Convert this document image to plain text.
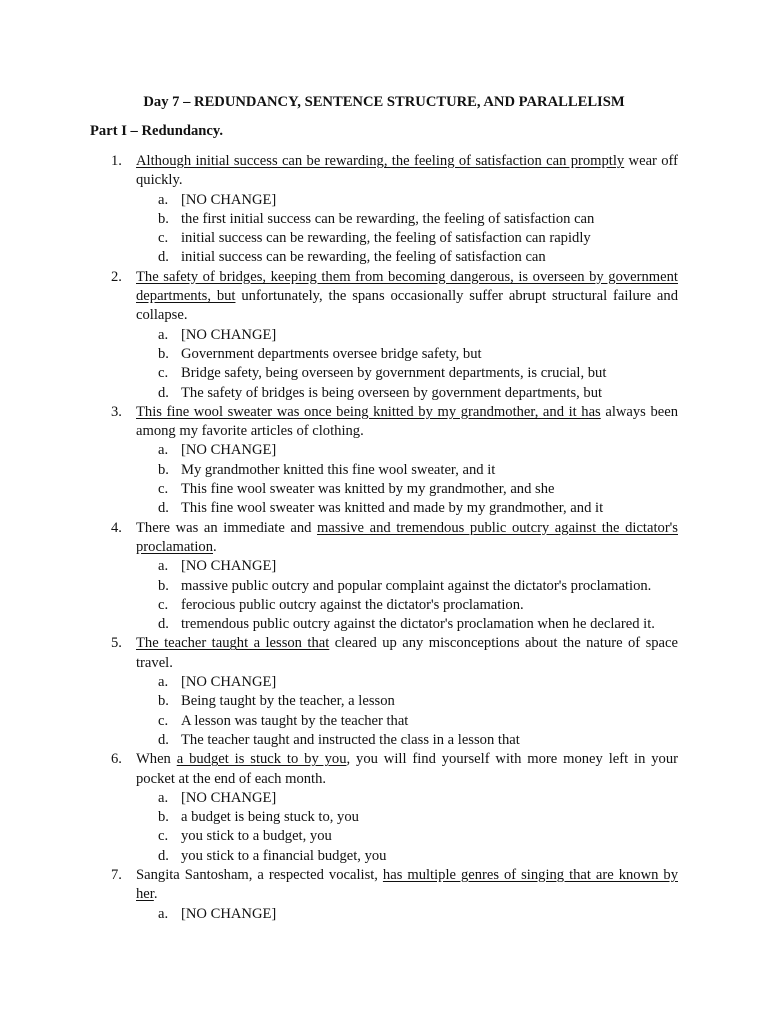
Day 7 – REDUNDANCY, SENTENCE STRUCTURE, AND PARALLELISM
Part I – Redundancy.
1. Although initial success can be rewarding, the feeling of satisfaction can promptly wear off quickly.

a. [NO CHANGE]
b. the first initial success can be rewarding, the feeling of satisfaction can
c. initial success can be rewarding, the feeling of satisfaction can rapidly
d. initial success can be rewarding, the feeling of satisfaction can
2. The safety of bridges, keeping them from becoming dangerous, is overseen by government departments, but unfortunately, the spans occasionally suffer abrupt structural failure and collapse.

a. [NO CHANGE]
b. Government departments oversee bridge safety, but
c. Bridge safety, being overseen by government departments, is crucial, but
d. The safety of bridges is being overseen by government departments, but
3. This fine wool sweater was once being knitted by my grandmother, and it has always been among my favorite articles of clothing.

a. [NO CHANGE]
b. My grandmother knitted this fine wool sweater, and it
c. This fine wool sweater was knitted by my grandmother, and she
d. This fine wool sweater was knitted and made by my grandmother, and it
4. There was an immediate and massive and tremendous public outcry against the dictator's proclamation.

a. [NO CHANGE]
b. massive public outcry and popular complaint against the dictator's proclamation.
c. ferocious public outcry against the dictator's proclamation.
d. tremendous public outcry against the dictator's proclamation when he declared it.
5. The teacher taught a lesson that cleared up any misconceptions about the nature of space travel.

a. [NO CHANGE]
b. Being taught by the teacher, a lesson
c. A lesson was taught by the teacher that
d. The teacher taught and instructed the class in a lesson that
6. When a budget is stuck to by you, you will find yourself with more money left in your pocket at the end of each month.

a. [NO CHANGE]
b. a budget is being stuck to, you
c. you stick to a budget, you
d. you stick to a financial budget, you
7. Sangita Santosham, a respected vocalist, has multiple genres of singing that are known by her.

a. [NO CHANGE]
